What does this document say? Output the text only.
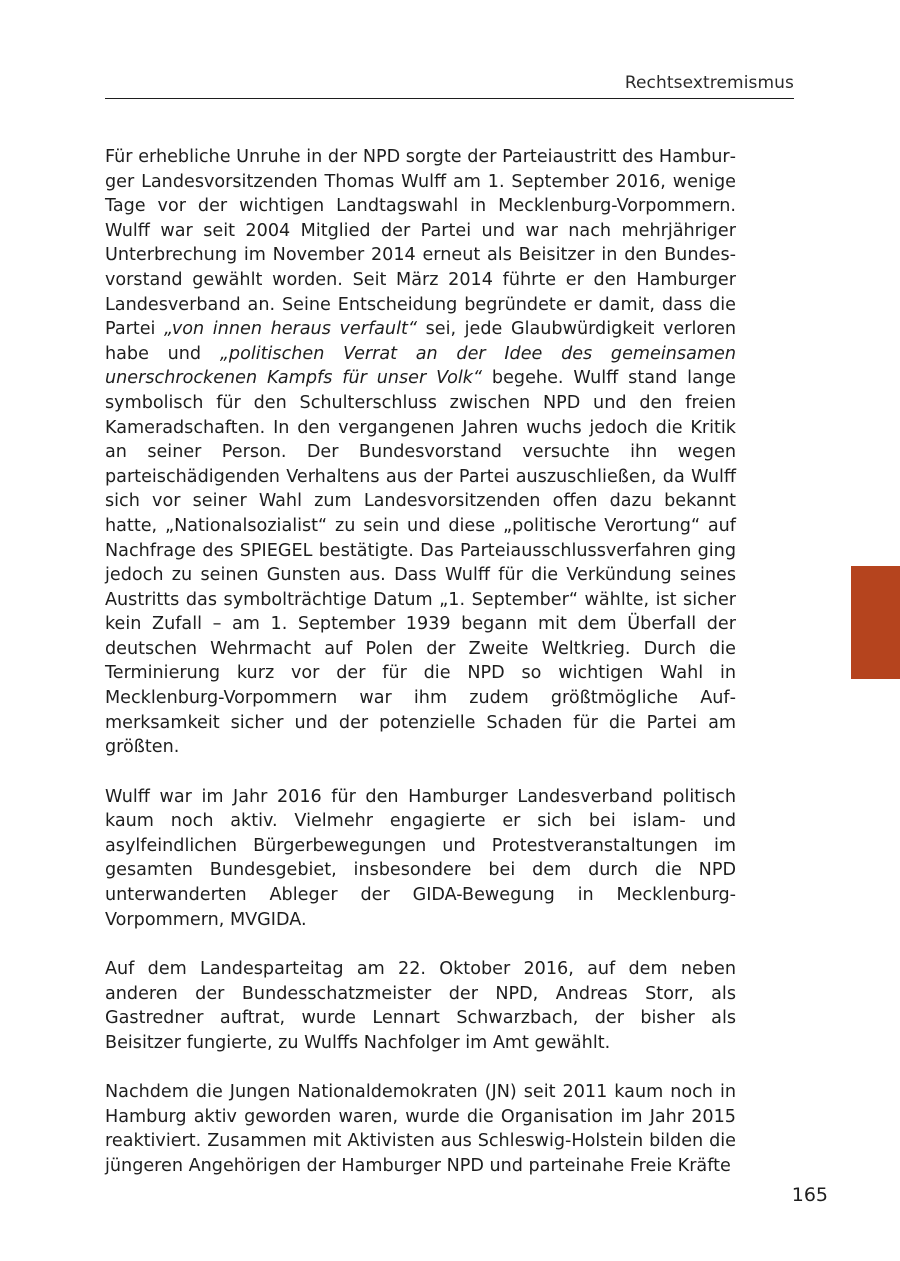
Rechtsextremismus

Für erhebliche Unruhe in der NPD sorgte der Parteiaustritt des Hamburger Landesvorsitzenden Thomas Wulff am 1. September 2016, wenige Tage vor der wichtigen Landtagswahl in Mecklenburg-Vorpommern. Wulff war seit 2004 Mitglied der Partei und war nach mehrjähriger Unterbrechung im November 2014 erneut als Beisitzer in den Bundesvorstand gewählt worden. Seit März 2014 führte er den Hamburger Landesverband an. Seine Entscheidung begründete er damit, dass die Partei „von innen heraus verfault“ sei, jede Glaubwürdigkeit verloren habe und „politischen Verrat an der Idee des gemeinsamen unerschrockenen Kampfs für unser Volk“ begehe. Wulff stand lange symbolisch für den Schulterschluss zwischen NPD und den freien Kameradschaften. In den vergangenen Jahren wuchs jedoch die Kritik an seiner Person. Der Bundesvorstand versuchte ihn wegen parteischädigenden Verhaltens aus der Partei auszuschließen, da Wulff sich vor seiner Wahl zum Landesvorsitzenden offen dazu bekannt hatte, „Nationalsozialist“ zu sein und diese „politische Verortung“ auf Nachfrage des SPIEGEL bestätigte. Das Parteiausschlussverfahren ging jedoch zu seinen Gunsten aus. Dass Wulff für die Verkündung seines Austritts das symbolträchtige Datum „1. September“ wählte, ist sicher kein Zufall – am 1. September 1939 begann mit dem Überfall der deutschen Wehrmacht auf Polen der Zweite Weltkrieg. Durch die Terminierung kurz vor der für die NPD so wichtigen Wahl in Mecklenburg-Vorpommern war ihm zudem größtmögliche Aufmerksamkeit sicher und der potenzielle Schaden für die Partei am größten.

Wulff war im Jahr 2016 für den Hamburger Landesverband politisch kaum noch aktiv. Vielmehr engagierte er sich bei islam- und asylfeindlichen Bürgerbewegungen und Protestveranstaltungen im gesamten Bundesgebiet, insbesondere bei dem durch die NPD unterwanderten Ableger der GIDA-Bewegung in Mecklenburg-Vorpommern, MVGIDA.

Auf dem Landesparteitag am 22. Oktober 2016, auf dem neben anderen der Bundesschatzmeister der NPD, Andreas Storr, als Gastredner auftrat, wurde Lennart Schwarzbach, der bisher als Beisitzer fungierte, zu Wulffs Nachfolger im Amt gewählt.

Nachdem die Jungen Nationaldemokraten (JN) seit 2011 kaum noch in Hamburg aktiv geworden waren, wurde die Organisation im Jahr 2015 reaktiviert. Zusammen mit Aktivisten aus Schleswig-Holstein bilden die jüngeren Angehörigen der Hamburger NPD und parteinahe Freie Kräfte

165
